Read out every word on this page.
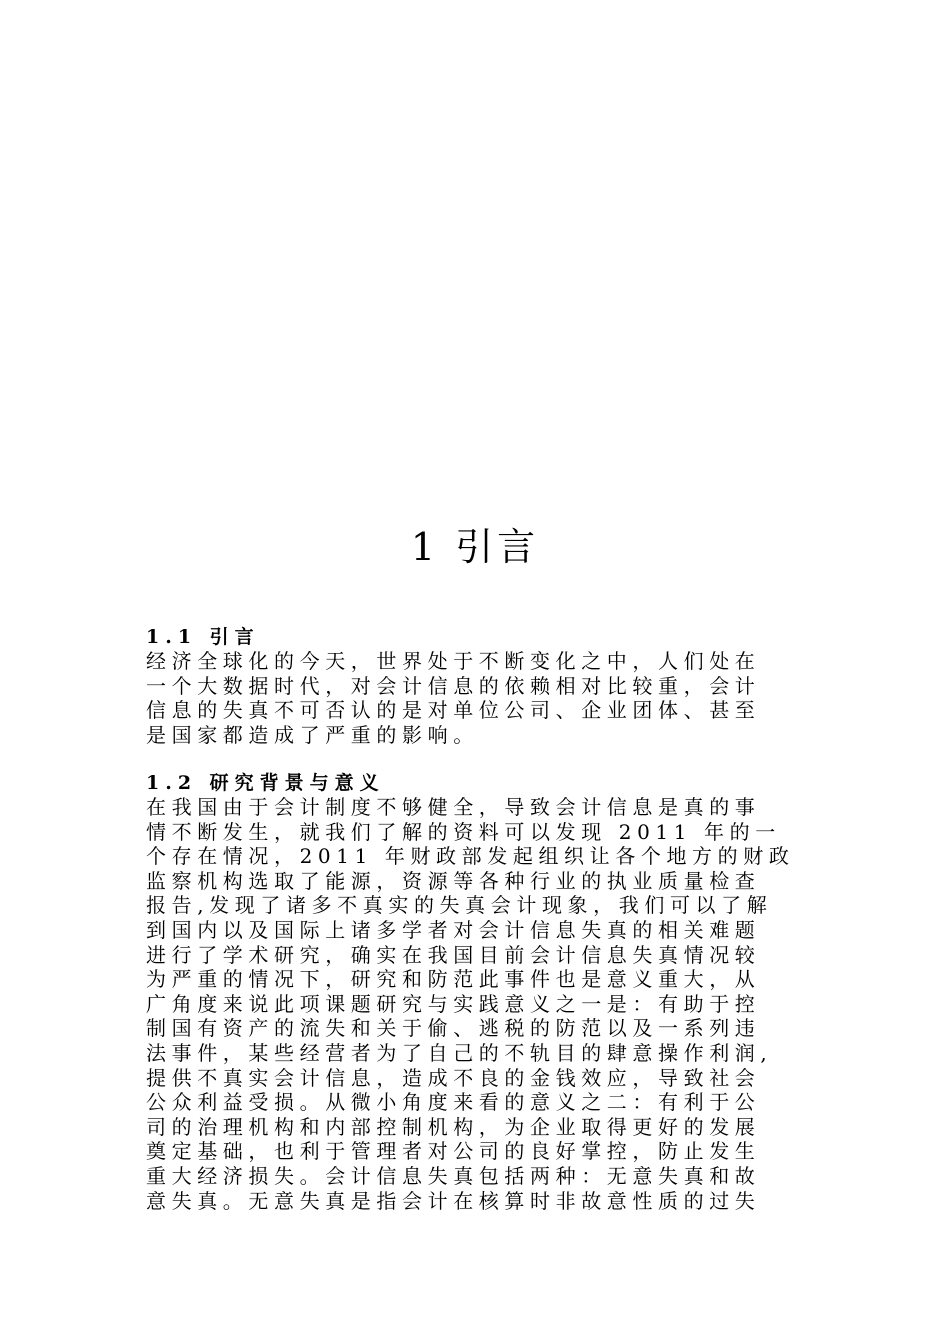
1 引言
1.1 引言

经济全球化的今天，世界处于不断变化之中，人们处在

一个大数据时代，对会计信息的依赖相对比较重，会计

信息的失真不可否认的是对单位公司、企业团体、甚至

是国家都造成了严重的影响。

1.2 研究背景与意义

在我国由于会计制度不够健全，导致会计信息是真的事

情不断发生，就我们了解的资料可以发现 2011 年的一

个存在情况，2011 年财政部发起组织让各个地方的财政

监察机构选取了能源，资源等各种行业的执业质量检查

报告,发现了诸多不真实的失真会计现象，我们可以了解

到国内以及国际上诸多学者对会计信息失真的相关难题

进行了学术研究，确实在我国目前会计信息失真情况较

为严重的情况下，研究和防范此事件也是意义重大，从

广角度来说此项课题研究与实践意义之一是：有助于控

制国有资产的流失和关于偷、逃税的防范以及一系列违

法事件，某些经营者为了自己的不轨目的肆意操作利润,

提供不真实会计信息，造成不良的金钱效应，导致社会

公众利益受损。从微小角度来看的意义之二：有利于公

司的治理机构和内部控制机构，为企业取得更好的发展

奠定基础，也利于管理者对公司的良好掌控，防止发生

重大经济损失。会计信息失真包括两种：无意失真和故

意失真。无意失真是指会计在核算时非故意性质的过失
